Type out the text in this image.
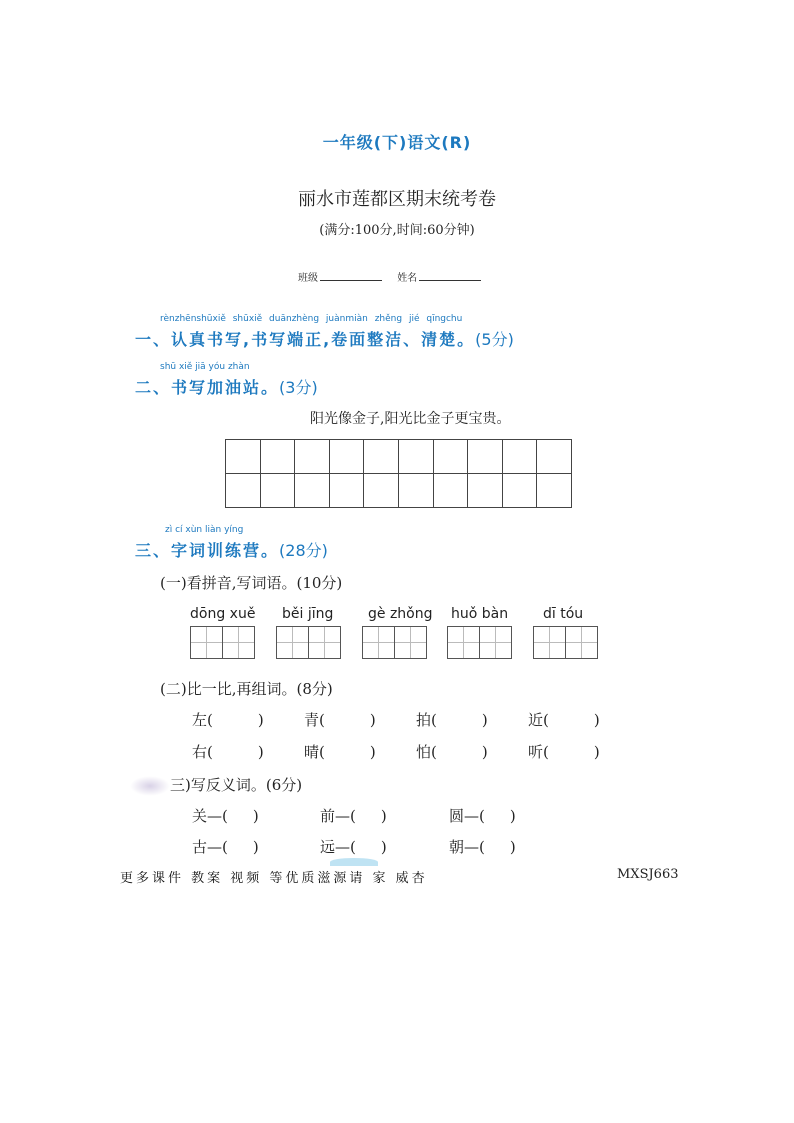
一年级(下)语文(R)
丽水市莲都区期末统考卷
(满分:100分,时间:60分钟)
班级	姓名
rènzhēnshūxiě shūxiě duānzhèng juànmiàn zhěng jié qīngchu
一、认真书写,书写端正,卷面整洁、清楚。(5分)
shū xiě jiā yóu zhàn
二、书写加油站。(3分)
阳光像金子,阳光比金子更宝贵。

zì cí xùn liàn yíng
三、字词训练营。(28分)
(一)看拼音,写词语。(10分)
dōng xuě	běi jīng	gè zhǒng huǒ bàn	dī tóu
(二)比一比,再组词。(8分)
左(	)	青(	)	拍(	)	近(	)
右(	)	晴(	)	怕(	)	听(	)
三)写反义词。(6分)
关—( )	前—( )	圆—( )
古—( )	远—( )	朝—( )
更多课件 教案 视频 等优质滋源请 家 威杏	MXSJ663
